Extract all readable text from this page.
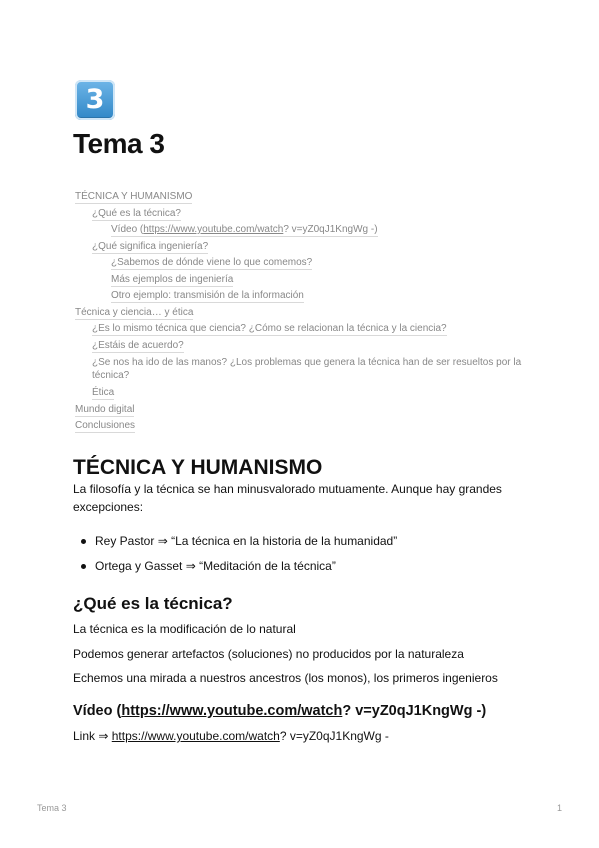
3
Tema 3
TÉCNICA Y HUMANISMO
¿Qué es la técnica?
Vídeo (https://www.youtube.com/watch? v=yZ0qJ1KngWg -)
¿Qué significa ingeniería?
¿Sabemos de dónde viene lo que comemos?
Más ejemplos de ingeniería
Otro ejemplo: transmisión de la información
Técnica y ciencia… y ética
¿Es lo mismo técnica que ciencia? ¿Cómo se relacionan la técnica y la ciencia?
¿Estáis de acuerdo?
¿Se nos ha ido de las manos? ¿Los problemas que genera la técnica han de ser resueltos por la técnica?
Ética
Mundo digital
Conclusiones
TÉCNICA Y HUMANISMO

La filosofía y la técnica se han minusvalorado mutuamente. Aunque hay grandes excepciones:

Rey Pastor ⇒ “La técnica en la historia de la humanidad”
Ortega y Gasset ⇒ “Meditación de la técnica”
¿Qué es la técnica?

La técnica es la modificación de lo natural

Podemos generar artefactos (soluciones) no producidos por la naturaleza

Echemos una mirada a nuestros ancestros (los monos), los primeros ingenieros

Vídeo (https://www.youtube.com/watch? v=yZ0qJ1KngWg -)

Link ⇒ https://www.youtube.com/watch? v=yZ0qJ1KngWg -

Tema 3	1
